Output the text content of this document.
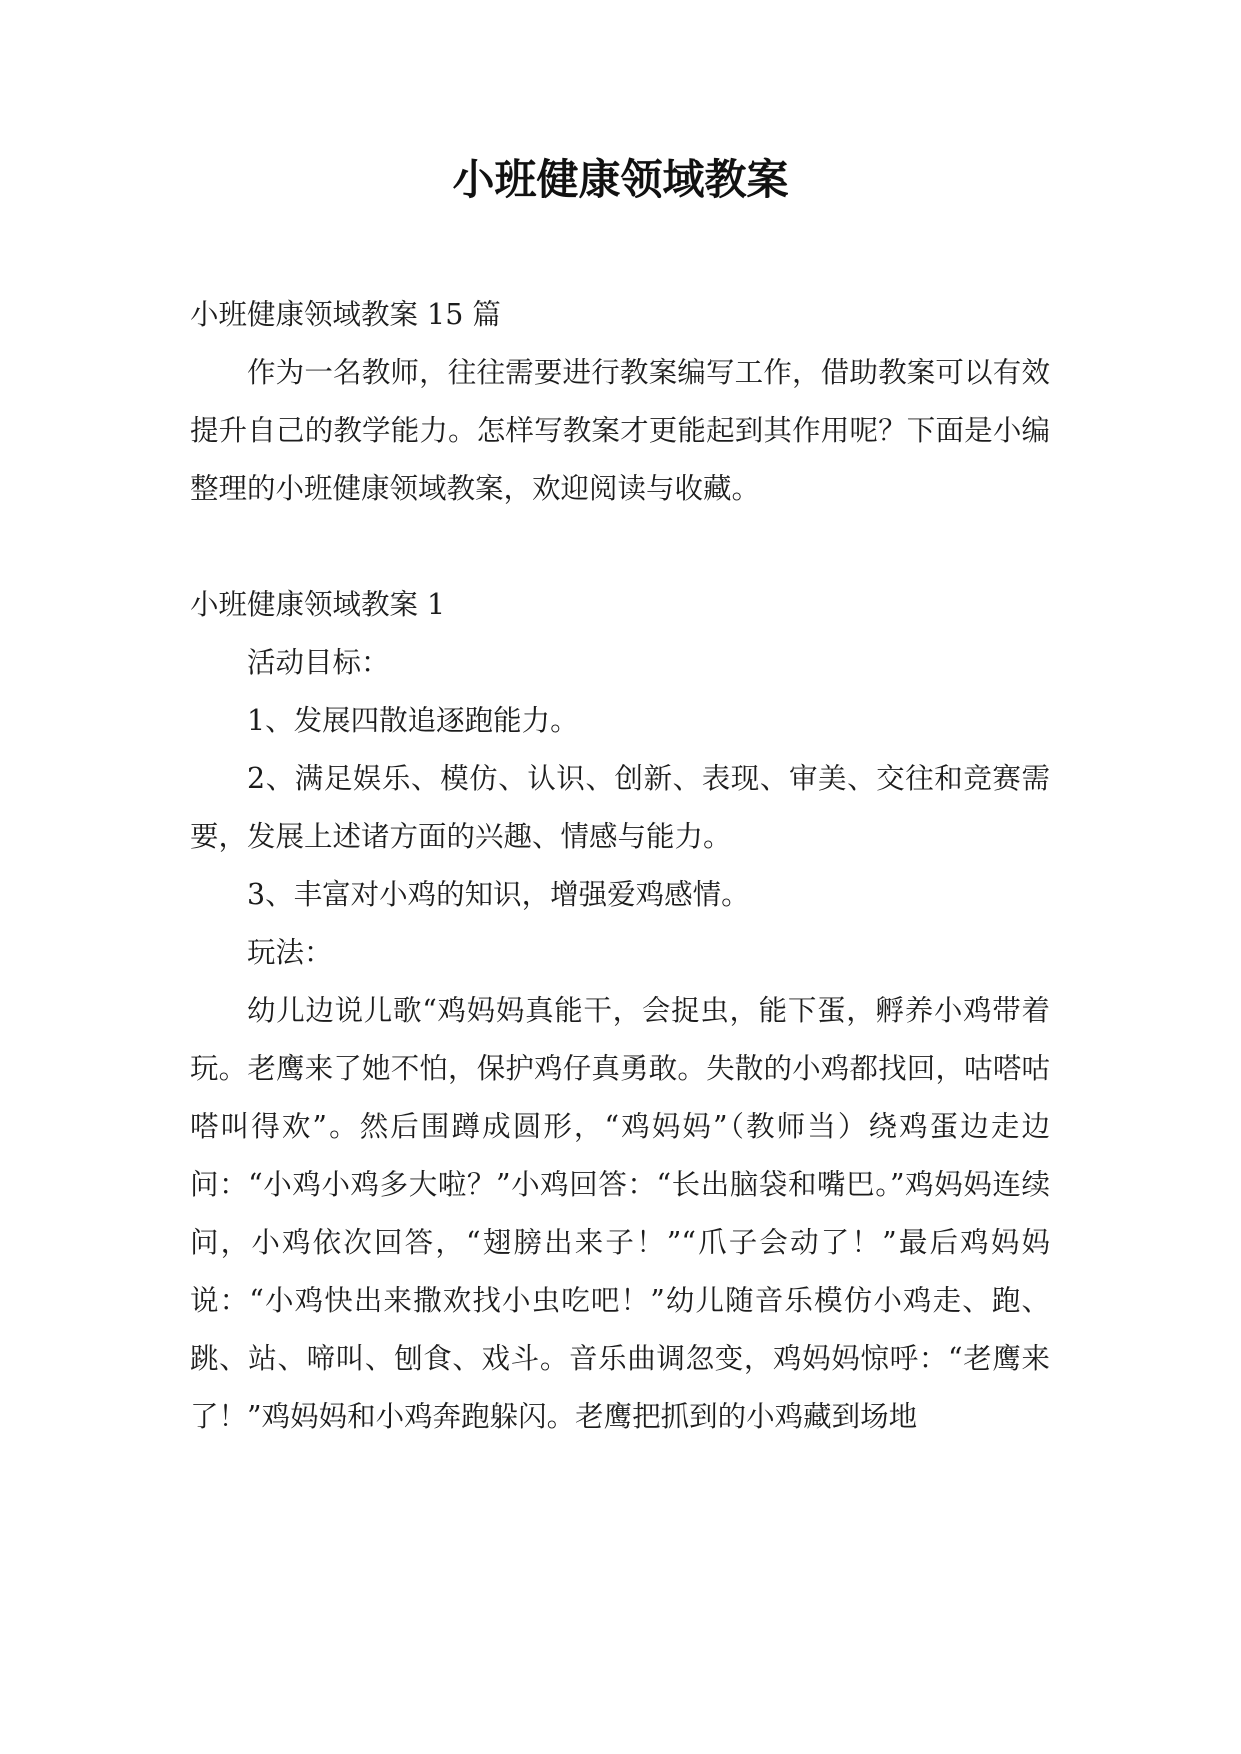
小班健康领域教案

小班健康领域教案 15 篇

作为一名教师，往往需要进行教案编写工作，借助教案可以有效提升自己的教学能力。怎样写教案才更能起到其作用呢？下面是小编整理的小班健康领域教案，欢迎阅读与收藏。

小班健康领域教案 1

活动目标：

1、发展四散追逐跑能力。

2、满足娱乐、模仿、认识、创新、表现、审美、交往和竞赛需要，发展上述诸方面的兴趣、情感与能力。

3、丰富对小鸡的知识，增强爱鸡感情。

玩法：

幼儿边说儿歌“鸡妈妈真能干，会捉虫，能下蛋，孵养小鸡带着玩。老鹰来了她不怕，保护鸡仔真勇敢。失散的小鸡都找回，咕嗒咕嗒叫得欢”。然后围蹲成圆形，“鸡妈妈”（教师当）绕鸡蛋边走边问：“小鸡小鸡多大啦？”小鸡回答：“长出脑袋和嘴巴。”鸡妈妈连续问，小鸡依次回答，“翅膀出来子！”“爪子会动了！”最后鸡妈妈说：“小鸡快出来撒欢找小虫吃吧！”幼儿随音乐模仿小鸡走、跑、跳、站、啼叫、刨食、戏斗。音乐曲调忽变，鸡妈妈惊呼：“老鹰来了！”鸡妈妈和小鸡奔跑躲闪。老鹰把抓到的小鸡藏到场地
